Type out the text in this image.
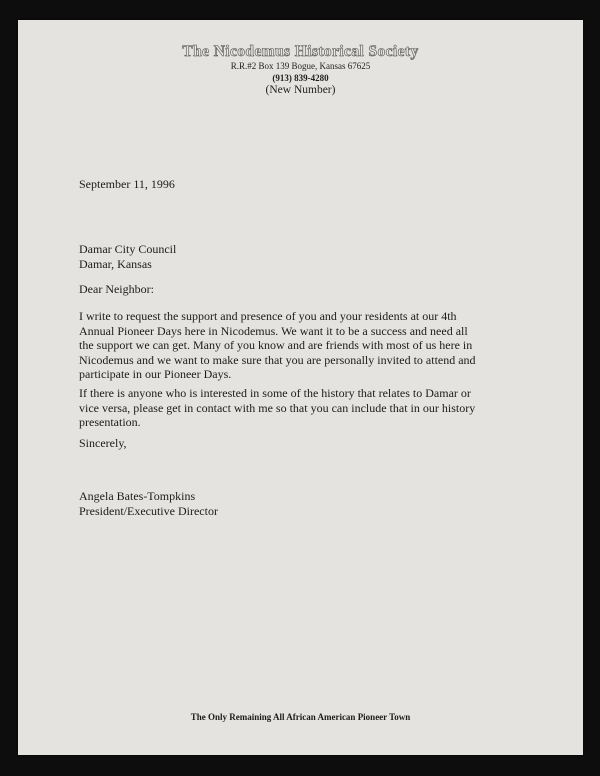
The Nicodemus Historical Society
R.R.#2 Box 139 Bogue, Kansas 67625
(913) 839-4280
(New Number)
September 11, 1996
Damar City Council
Damar, Kansas
Dear Neighbor:
I write to request the support and presence of you and your residents at our 4th
Annual Pioneer Days here in Nicodemus. We want it to be a success and need all
the support we can get. Many of you know and are friends with most of us here in
Nicodemus and we want to make sure that you are personally invited to attend and
participate in our Pioneer Days.
If there is anyone who is interested in some of the history that relates to Damar or
vice versa, please get in contact with me so that you can include that in our history
presentation.
Sincerely,
Angela Bates-Tompkins
President/Executive Director
The Only Remaining All African American Pioneer Town
